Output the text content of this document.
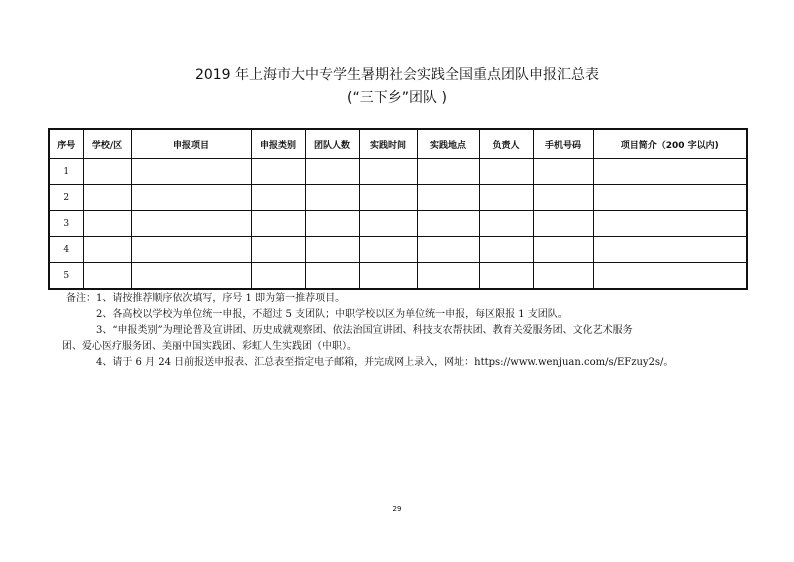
2019 年上海市大中专学生暑期社会实践全国重点团队申报汇总表
(“三下乡”团队 )
序号	学校/区	申报项目	申报类别	团队人数	实践时间	实践地点	负责人	手机号码	项目简介（200 字以内)
1									
2									
3									
4									
5									
备注：1、请按推荐顺序依次填写，序号 1 即为第一推荐项目。
2、各高校以学校为单位统一申报，不超过 5 支团队；中职学校以区为单位统一申报，每区限报 1 支团队。
3、“申报类别”为理论普及宣讲团、历史成就观察团、依法治国宣讲团、科技支农帮扶团、教育关爱服务团、文化艺术服务
团、爱心医疗服务团、美丽中国实践团、彩虹人生实践团（中职）。
4、请于 6 月 24 日前报送申报表、汇总表至指定电子邮箱，并完成网上录入，网址：https://www.wenjuan.com/s/EFzuy2s/。
29
